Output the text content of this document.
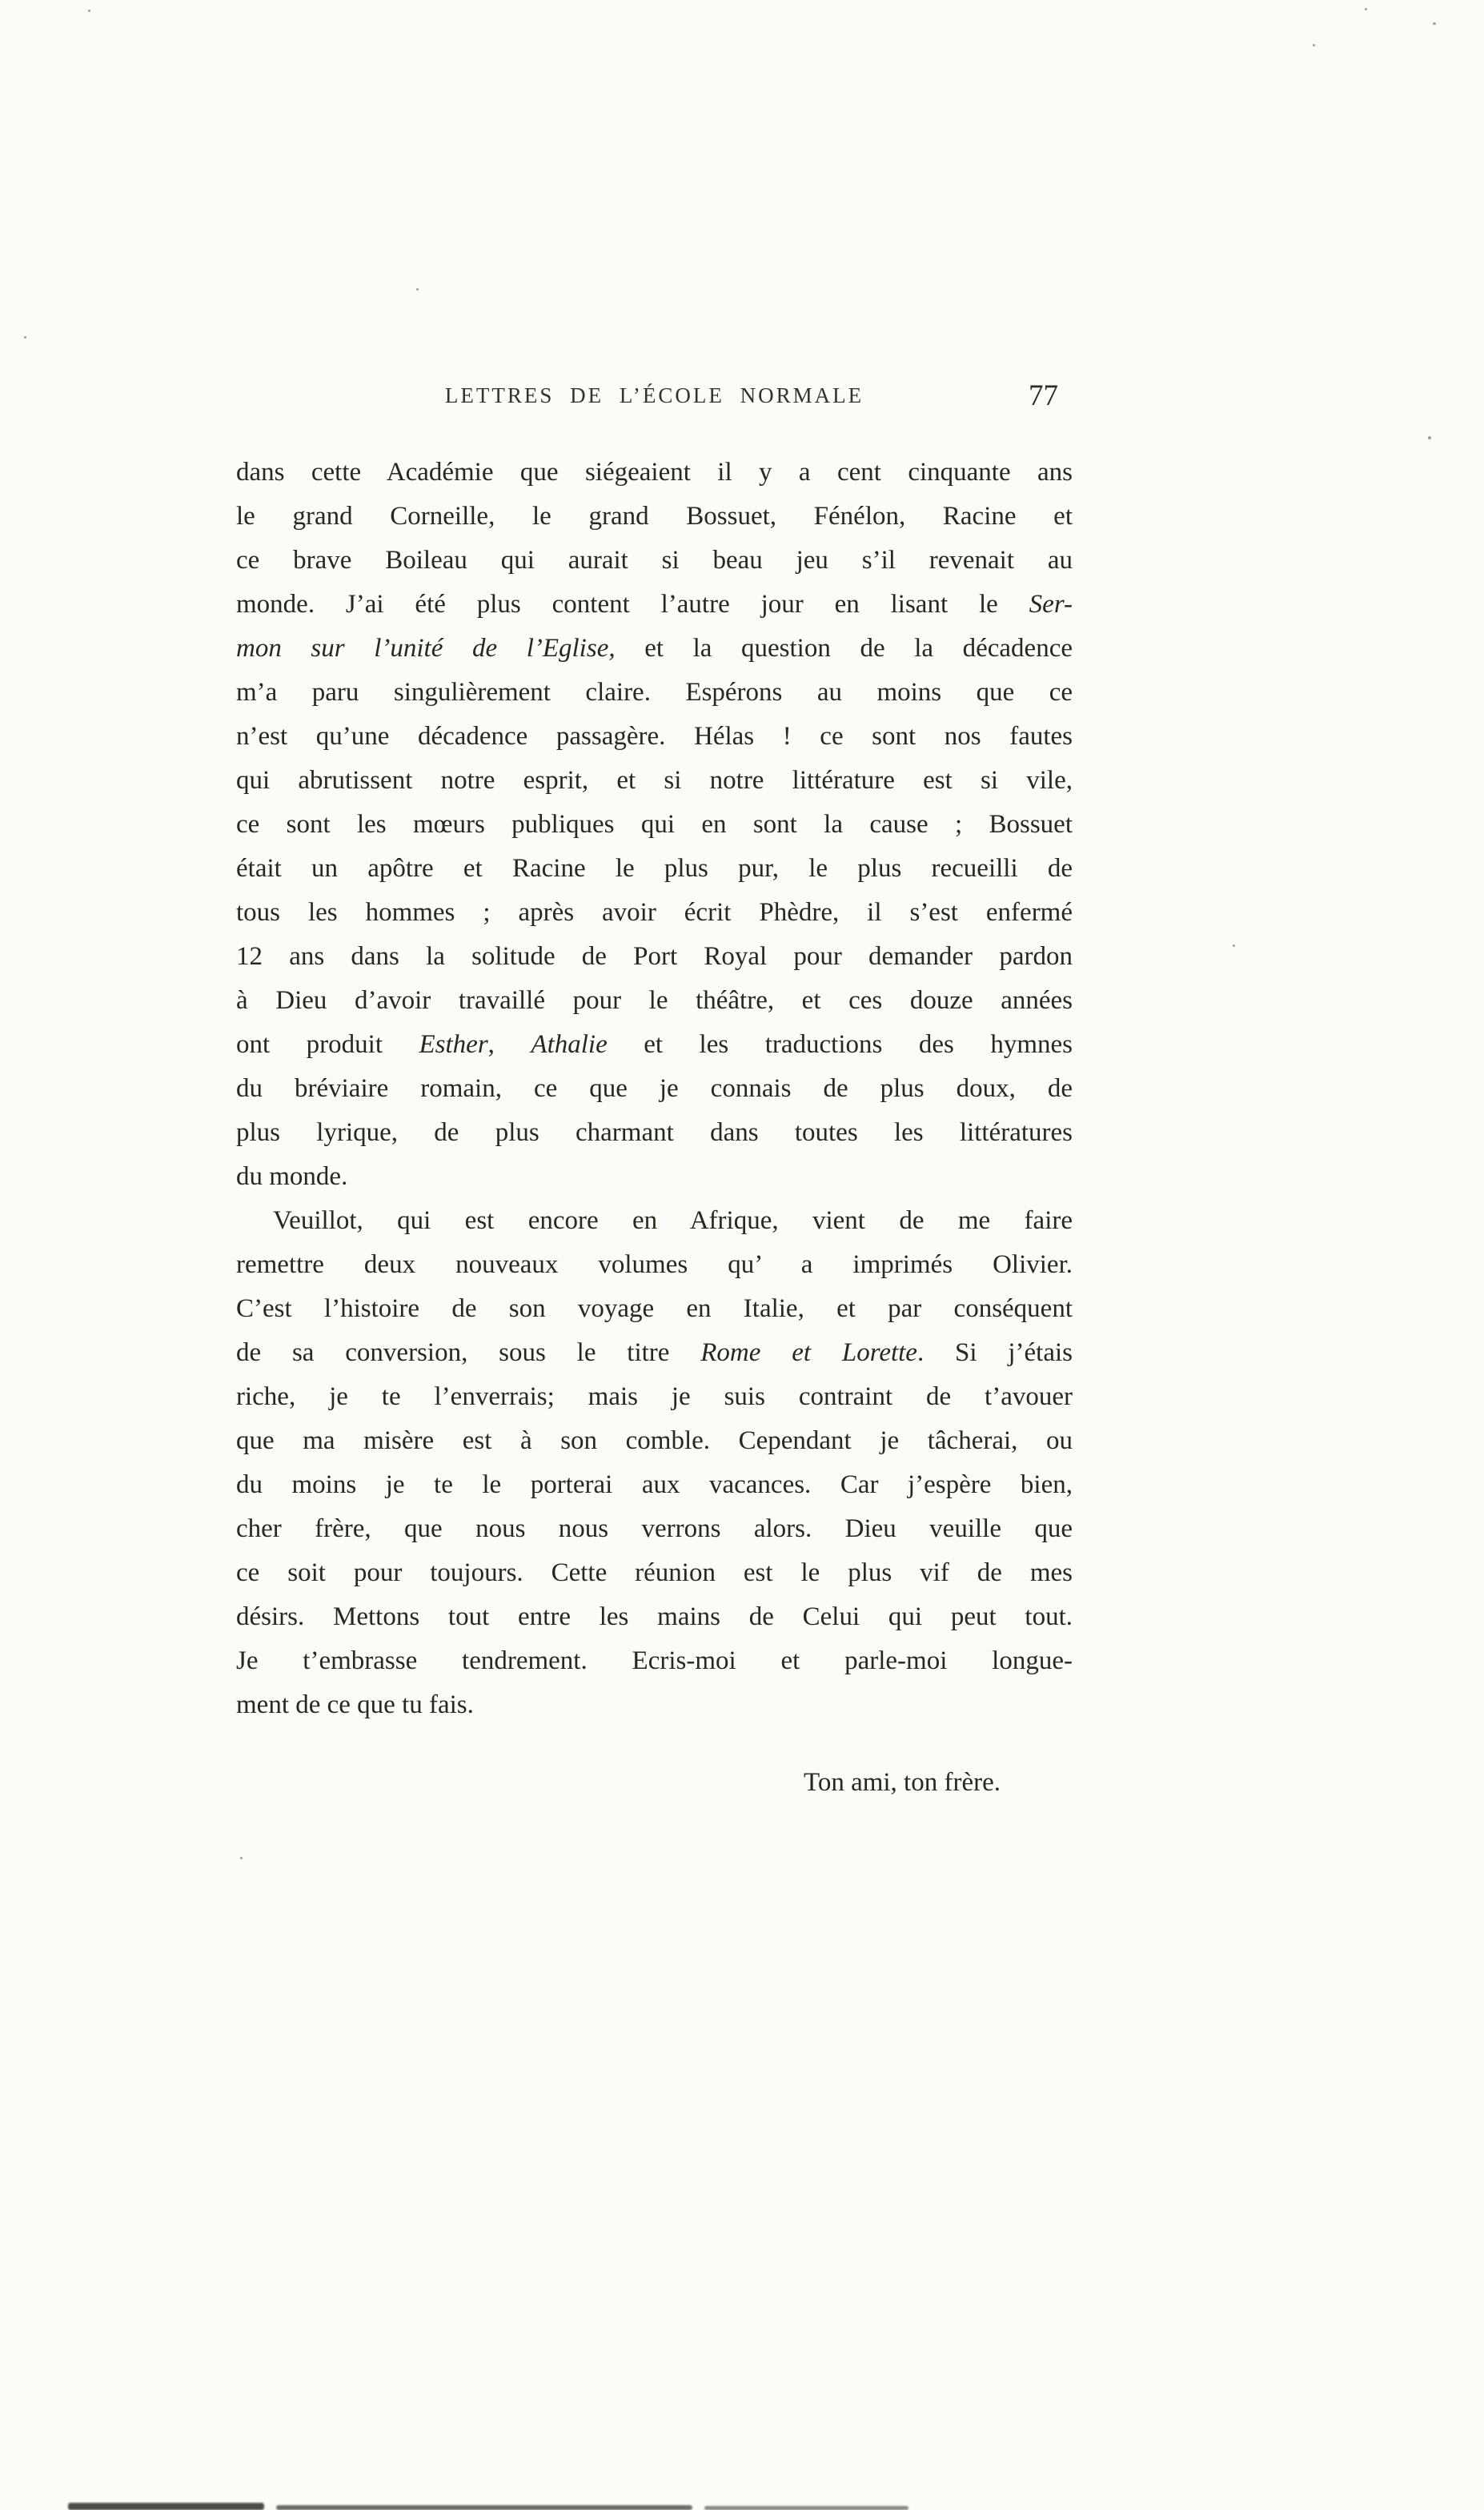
LETTRES DE L’ÉCOLE NORMALE	77
dans cette Académie que siégeaient il y a cent cinquante ans
le grand Corneille, le grand Bossuet, Fénélon, Racine et
ce brave Boileau qui aurait si beau jeu s’il revenait au
monde. J’ai été plus content l’autre jour en lisant le Ser-
mon sur l’unité de l’Eglise, et la question de la décadence
m’a paru singulièrement claire. Espérons au moins que ce
n’est qu’une décadence passagère. Hélas ! ce sont nos fautes
qui abrutissent notre esprit, et si notre littérature est si vile,
ce sont les mœurs publiques qui en sont la cause ; Bossuet
était un apôtre et Racine le plus pur, le plus recueilli de
tous les hommes ; après avoir écrit Phèdre, il s’est enfermé
12 ans dans la solitude de Port Royal pour demander pardon
à Dieu d’avoir travaillé pour le théâtre, et ces douze années
ont produit Esther, Athalie et les traductions des hymnes
du bréviaire romain, ce que je connais de plus doux, de
plus lyrique, de plus charmant dans toutes les littératures
du monde.
Veuillot, qui est encore en Afrique, vient de me faire
remettre deux nouveaux volumes qu’ a imprimés Olivier.
C’est l’histoire de son voyage en Italie, et par conséquent
de sa conversion, sous le titre Rome et Lorette. Si j’étais
riche, je te l’enverrais; mais je suis contraint de t’avouer
que ma misère est à son comble. Cependant je tâcherai, ou
du moins je te le porterai aux vacances. Car j’espère bien,
cher frère, que nous nous verrons alors. Dieu veuille que
ce soit pour toujours. Cette réunion est le plus vif de mes
désirs. Mettons tout entre les mains de Celui qui peut tout.
Je t’embrasse tendrement. Ecris-moi et parle-moi longue-
ment de ce que tu fais.
Ton ami, ton frère.
